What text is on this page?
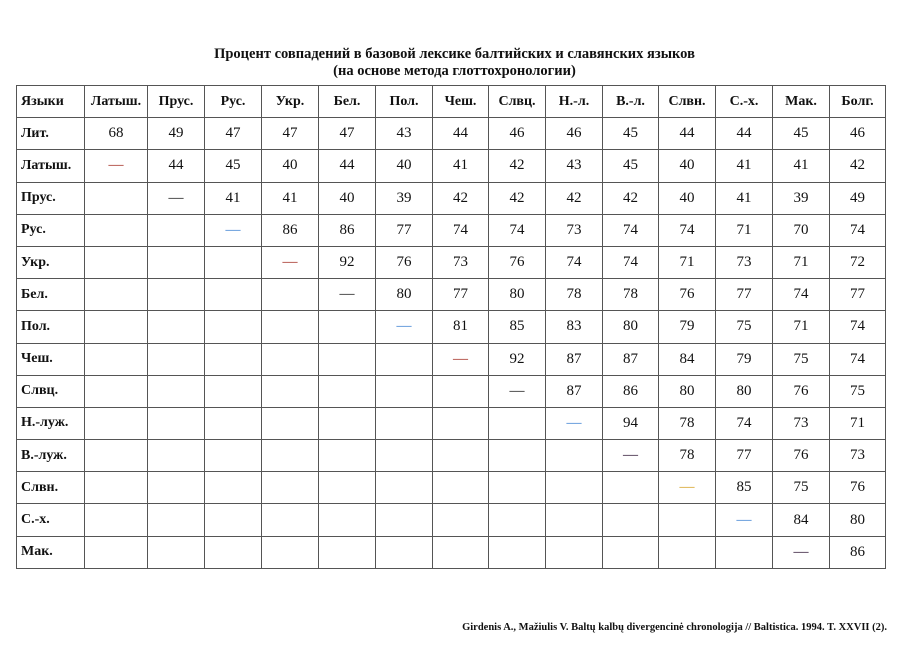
Процент совпадений в базовой лексике балтийских и славянских языков
(на основе метода глоттохронологии)
Языки	Латыш.	Прус.	Рус.	Укр.	Бел.	Пол.	Чеш.	Слвц.	Н.-л.	В.-л.	Слвн.	С.-х.	Мак.	Болг.
Лит.	68	49	47	47	47	43	44	46	46	45	44	44	45	46
Латыш.	—	44	45	40	44	40	41	42	43	45	40	41	41	42
Прус.		—	41	41	40	39	42	42	42	42	40	41	39	49
Рус.			—	86	86	77	74	74	73	74	74	71	70	74
Укр.				—	92	76	73	76	74	74	71	73	71	72
Бел.					—	80	77	80	78	78	76	77	74	77
Пол.						—	81	85	83	80	79	75	71	74
Чеш.							—	92	87	87	84	79	75	74
Слвц.								—	87	86	80	80	76	75
Н.-луж.									—	94	78	74	73	71
В.-луж.										—	78	77	76	73
Слвн.											—	85	75	76
С.-х.												—	84	80
Мак.													—	86
Girdenis A., Mažiulis V. Baltų kalbų divergencinė chronologija // Baltistica. 1994. T. XXVII (2).
